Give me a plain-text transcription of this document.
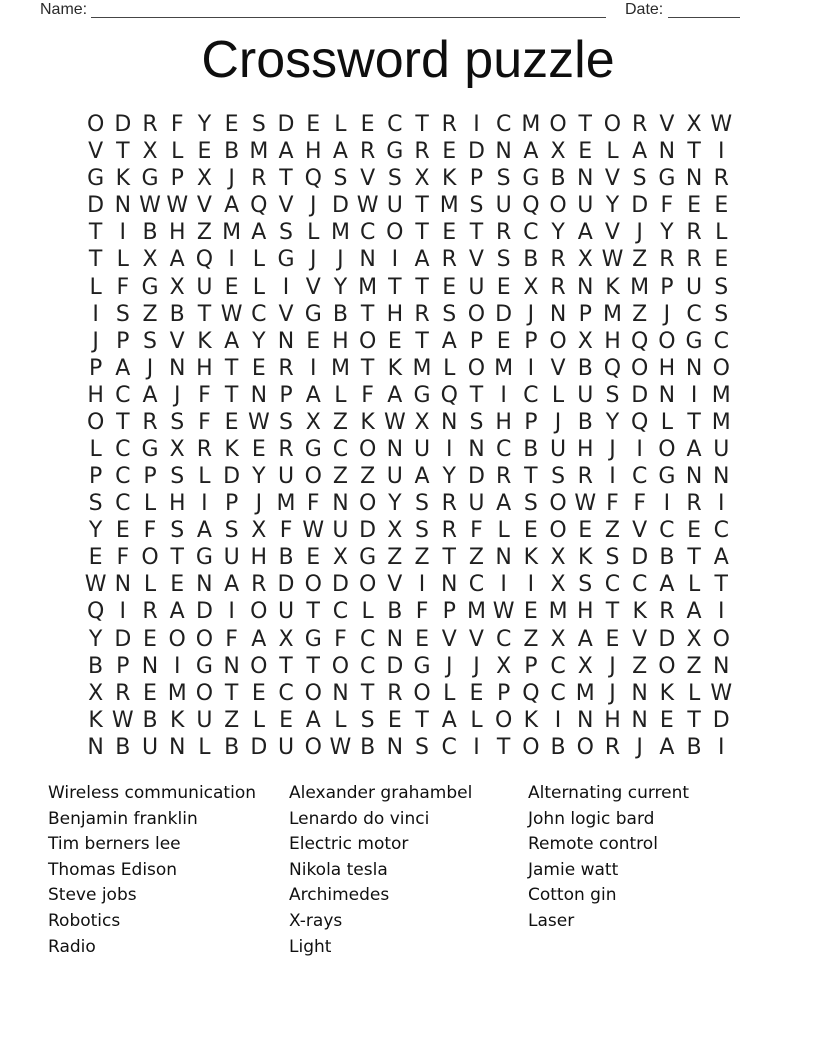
Name:	Date:
Crossword puzzle
O D R F Y E S D E L E C T R I C M O T O R V X W
V T X L E B M A H A R G R E D N A X E L A N T I
G K G P X J R T Q S V S X K P S G B N V S G N R
D N W W V A Q V J D W U T M S U Q O U Y D F E E
T I B H Z M A S L M C O T E T R C Y A V J Y R L
T L X A Q I L G J J N I A R V S B R X W Z R R E
L F G X U E L I V Y M T T E U E X R N K M P U S
I S Z B T W C V G B T H R S O D J N P M Z J C S
J P S V K A Y N E H O E T A P E P O X H Q O G C
P A J N H T E R I M T K M L O M I V B Q O H N O
H C A J F T N P A L F A G Q T I C L U S D N I M
O T R S F E W S X Z K W X N S H P J B Y Q L T M
L C G X R K E R G C O N U I N C B U H J I O A U
P C P S L D Y U O Z Z U A Y D R T S R I C G N N
S C L H I P J M F N O Y S R U A S O W F F I R I
Y E F S A S X F W U D X S R F L E O E Z V C E C
E F O T G U H B E X G Z Z T Z N K X K S D B T A
W N L E N A R D O D O V I N C I I X S C C A L T
Q I R A D I O U T C L B F P M W E M H T K R A I
Y D E O O F A X G F C N E V V C Z X A E V D X O
B P N I G N O T T O C D G J J X P C X J Z O Z N
X R E M O T E C O N T R O L E P Q C M J N K L W
K W B K U Z L E A L S E T A L O K I N H N E T D
N B U N L B D U O W B N S C I T O B O R J A B I
Wireless communication
Benjamin franklin
Tim berners lee
Thomas Edison
Steve jobs
Robotics
Radio
Alexander grahambel
Lenardo do vinci
Electric motor
Nikola tesla
Archimedes
X-rays
Light
Alternating current
John logic bard
Remote control
Jamie watt
Cotton gin
Laser
